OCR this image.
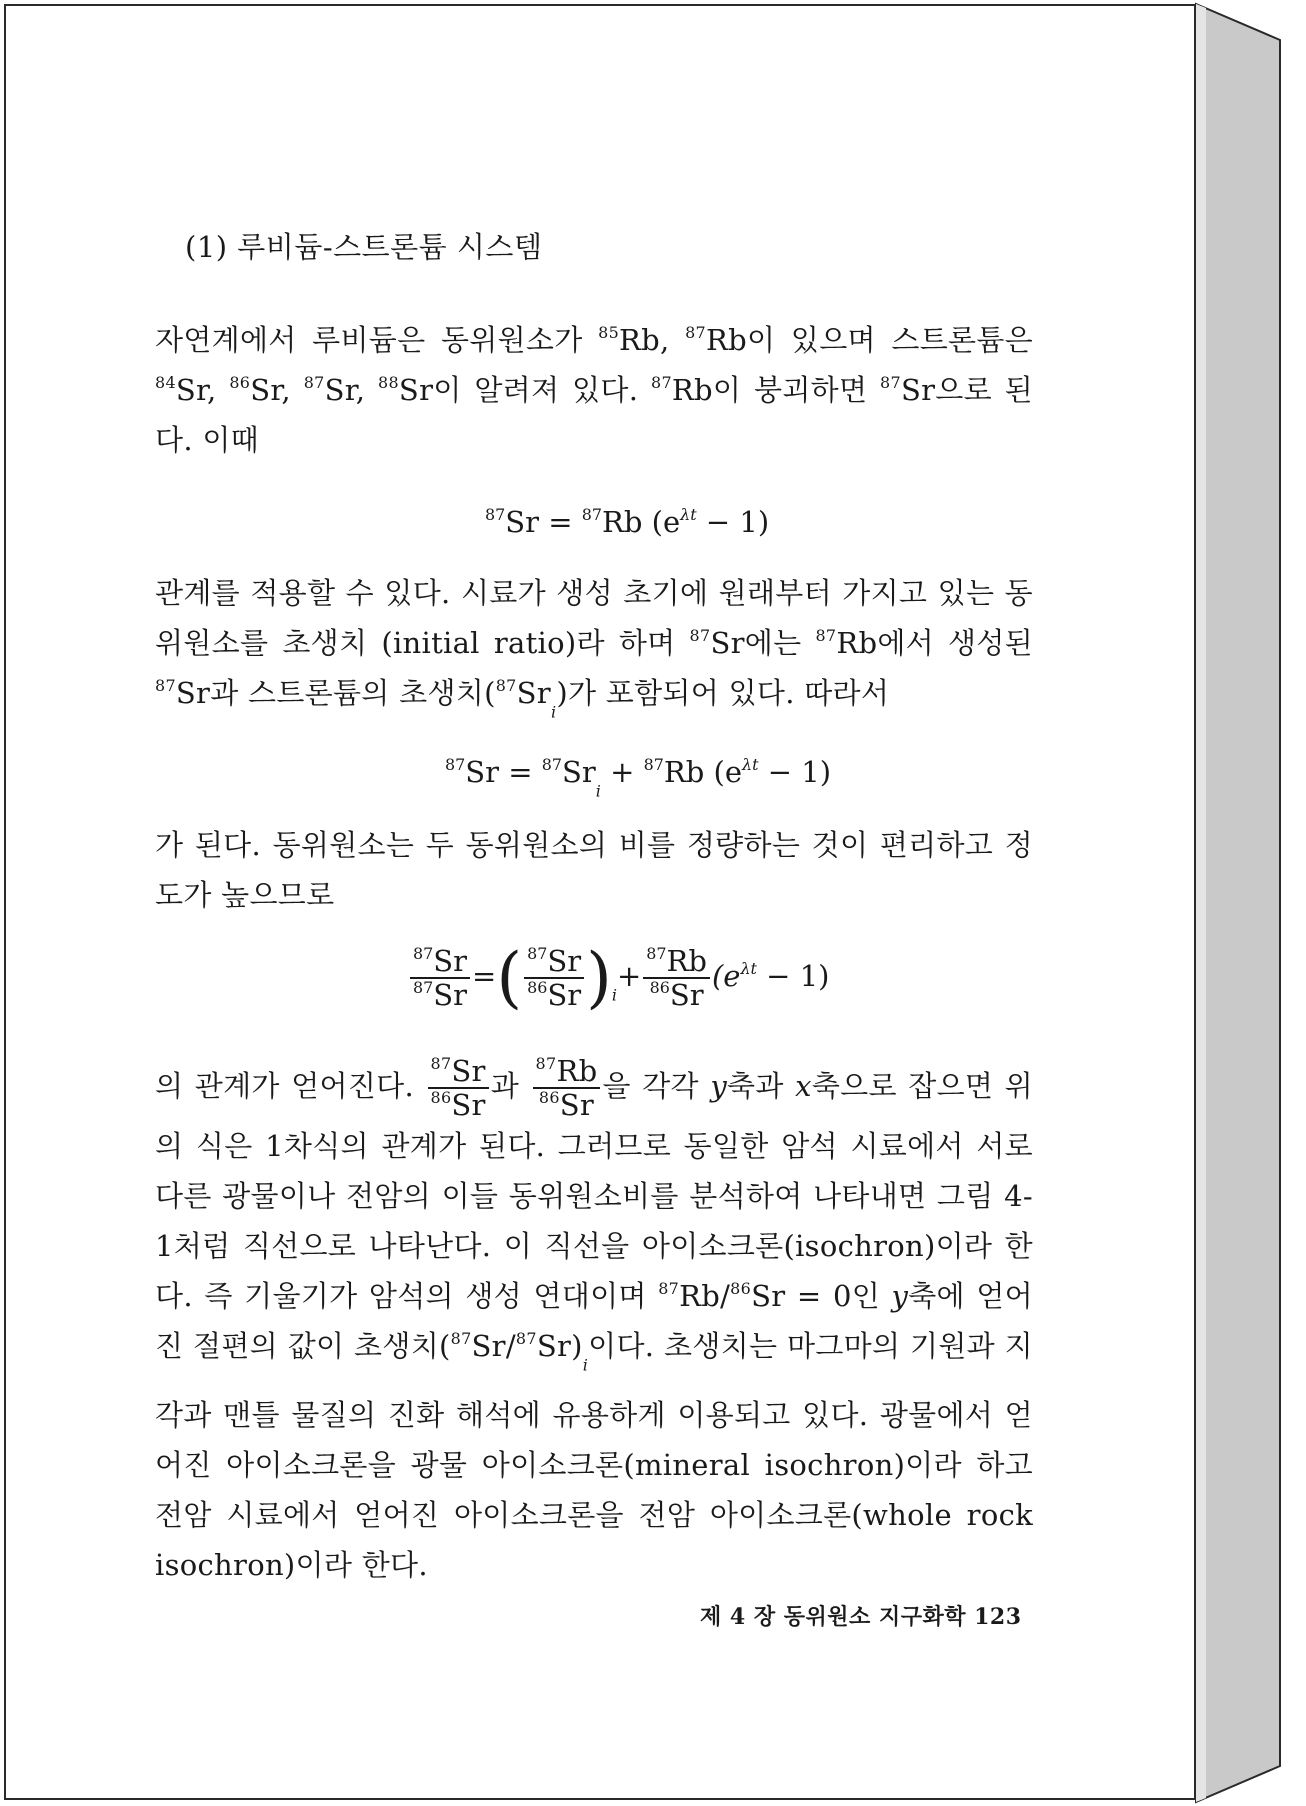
(1) 루비듐-스트론튬 시스템
자연계에서 루비듐은 동위원소가 $^{85}$Rb, $^{87}$Rb이 있으며 스트론튬은 $^{84}$Sr, $^{86}$Sr, $^{87}$Sr, $^{88}$Sr이 알려져 있다. $^{87}$Rb이 붕괴하면 $^{87}$Sr으로 된다. 이때
$^{87}$Sr = $^{87}$Rb $(e^{\lambda t} - 1)$
관계를 적용할 수 있다. 시료가 생성 초기에 원래부터 가지고 있는 동위원소를 초생치 (initial ratio)라 하며 $^{87}$Sr에는 $^{87}$Rb에서 생성된 $^{87}$Sr과 스트론튬의 초생치$(^{87}Sr_i)$가 포함되어 있다. 따라서
$^{87}Sr = ^{87}Sr_i + ^{87}Rb$ $(e^{\lambda t} - 1)$
가 된다. 동위원소는 두 동위원소의 비를 정량하는 것이 편리하고 정도가 높으므로
$\frac{^{87}Sr}{^{87}Sr}$ =( $\frac{^{87}Sr}{^{86}Sr} )_i+ \frac{^{87}Rb}{^{86}Sr} (e^{\lambda t} - 1)$
의 관계가 얻어진다. $\frac{^{87}Sr}{^{86}Sr}$ 과 $\frac{^{87}Rb}{^{86}Sr}$ 을 각각 y축과 x축으로 잡으면 위의 식은 1차식의 관계가 된다. 그러므로 동일한 암석 시료에서 서로 다른 광물이나 전암의 이들 동위원소비를 분석하여 나타내면 그림 4-1처럼 직선으로 나타난다. 이 직선을 아이소크론(isochron)이라 한다. 즉 기울기가 암석의 생성 연대이며 $^{87}$Rb/$^{86}$Sr = 0인 y축에 얻어진 절편의 값이 초생치$(^{87}Sr/^{87}Sr)_i$이다. 초생치는 마그마의 기원과 지각과 맨틀 물질의 진화 해석에 유용하게 이용되고 있다. 광물에서 얻어진 아이소크론을 광물 아이소크론(mineral isochron)이라 하고 전암 시료에서 얻어진 아이소크론을 전암 아이소크론(whole rock isochron)이라 한다.
제 4 장 동위원소 지구화학 123
